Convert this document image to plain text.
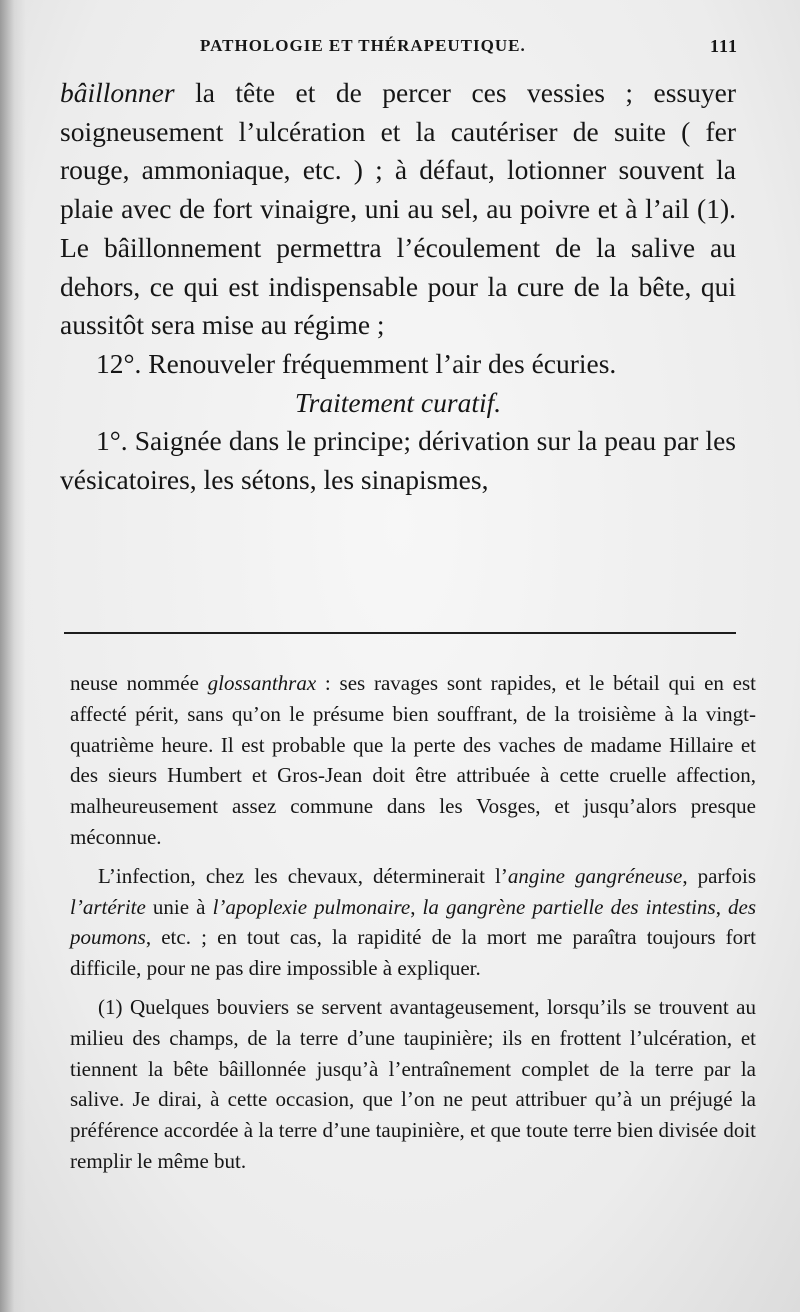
PATHOLOGIE ET THÉRAPEUTIQUE.	111

bâillonner la tête et de percer ces vessies ; essuyer soigneusement l’ulcération et la cautériser de suite ( fer rouge, ammoniaque, etc. ) ; à défaut, lotionner souvent la plaie avec de fort vinaigre, uni au sel, au poivre et à l’ail (1). Le bâillonnement permettra l’écoulement de la salive au dehors, ce qui est indispensable pour la cure de la bête, qui aussitôt sera mise au régime ;

12°. Renouveler fréquemment l’air des écuries.

Traitement curatif.

1°. Saignée dans le principe; dérivation sur la peau par les vésicatoires, les sétons, les sinapismes,

neuse nommée glossanthrax : ses ravages sont rapides, et le bétail qui en est affecté périt, sans qu’on le présume bien souffrant, de la troisième à la vingt-quatrième heure. Il est probable que la perte des vaches de madame Hillaire et des sieurs Humbert et Gros-Jean doit être attribuée à cette cruelle affection, malheureusement assez commune dans les Vosges, et jusqu’alors presque méconnue.

L’infection, chez les chevaux, déterminerait l’angine gangréneuse, parfois l’artérite unie à l’apoplexie pulmonaire, la gangrène partielle des intestins, des poumons, etc. ; en tout cas, la rapidité de la mort me paraîtra toujours fort difficile, pour ne pas dire impossible à expliquer.

(1) Quelques bouviers se servent avantageusement, lorsqu’ils se trouvent au milieu des champs, de la terre d’une taupinière; ils en frottent l’ulcération, et tiennent la bête bâillonnée jusqu’à l’entraînement complet de la terre par la salive. Je dirai, à cette occasion, que l’on ne peut attribuer qu’à un préjugé la préférence accordée à la terre d’une taupinière, et que toute terre bien divisée doit remplir le même but.
